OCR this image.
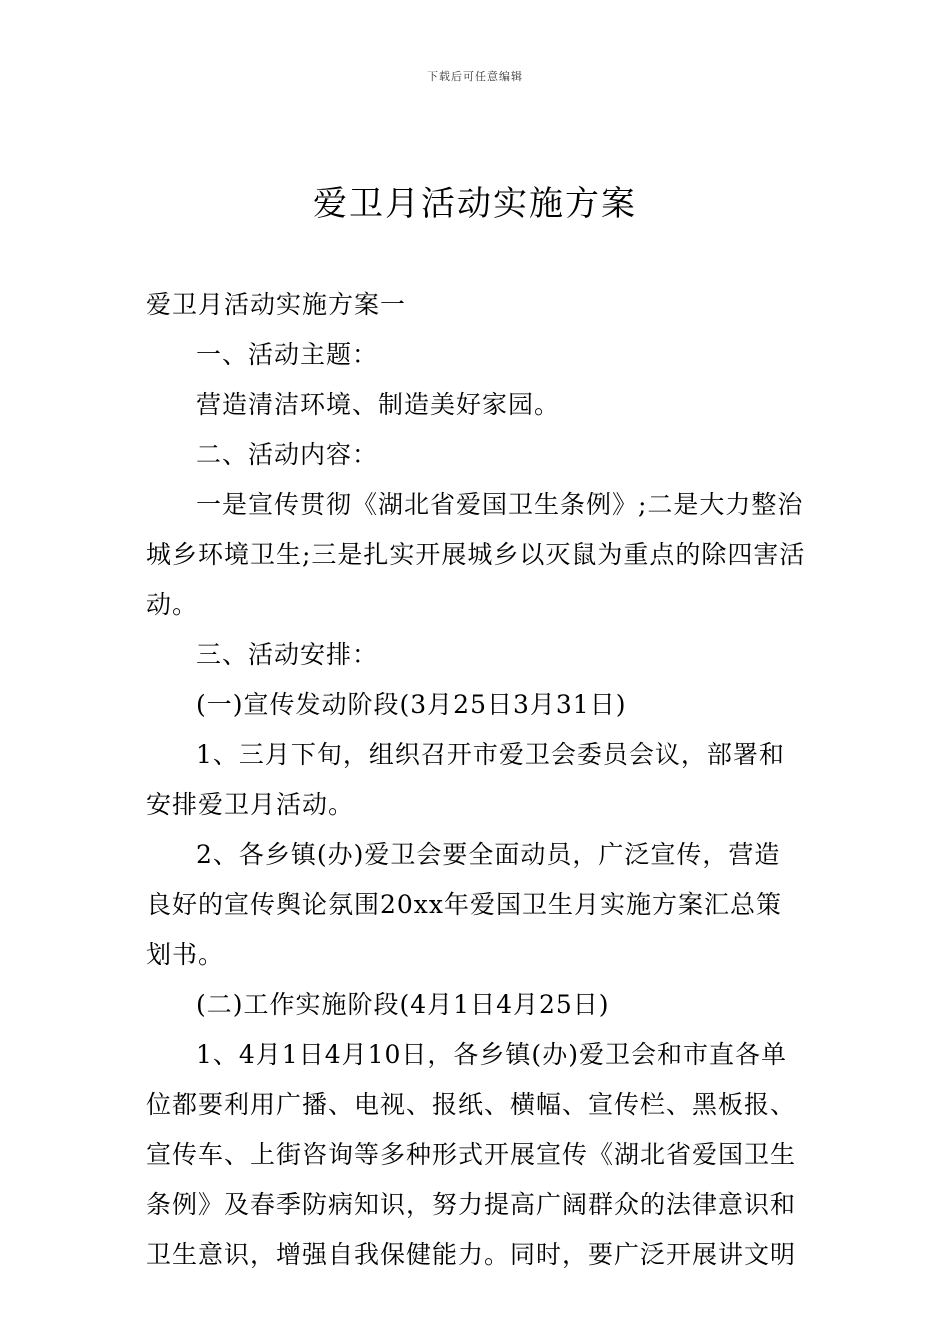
下载后可任意编辑
爱卫月活动实施方案

爱卫月活动实施方案一

一、活动主题：

营造清洁环境、制造美好家园。

二、活动内容：

一是宣传贯彻《湖北省爱国卫生条例》;二是大力整治城乡环境卫生;三是扎实开展城乡以灭鼠为重点的除四害活动。

三、活动安排：

(一)宣传发动阶段(3月25日3月31日)

1、三月下旬，组织召开市爱卫会委员会议，部署和安排爱卫月活动。

2、各乡镇(办)爱卫会要全面动员，广泛宣传，营造良好的宣传舆论氛围20xx年爱国卫生月实施方案汇总策划书。

(二)工作实施阶段(4月1日4月25日)

1、4月1日4月10日，各乡镇(办)爱卫会和市直各单位都要利用广播、电视、报纸、横幅、宣传栏、黑板报、宣传车、上街咨询等多种形式开展宣传《湖北省爱国卫生条例》及春季防病知识，努力提高广阔群众的法律意识和卫生意识，增强自我保健能力。同时，要广泛开展讲文明
